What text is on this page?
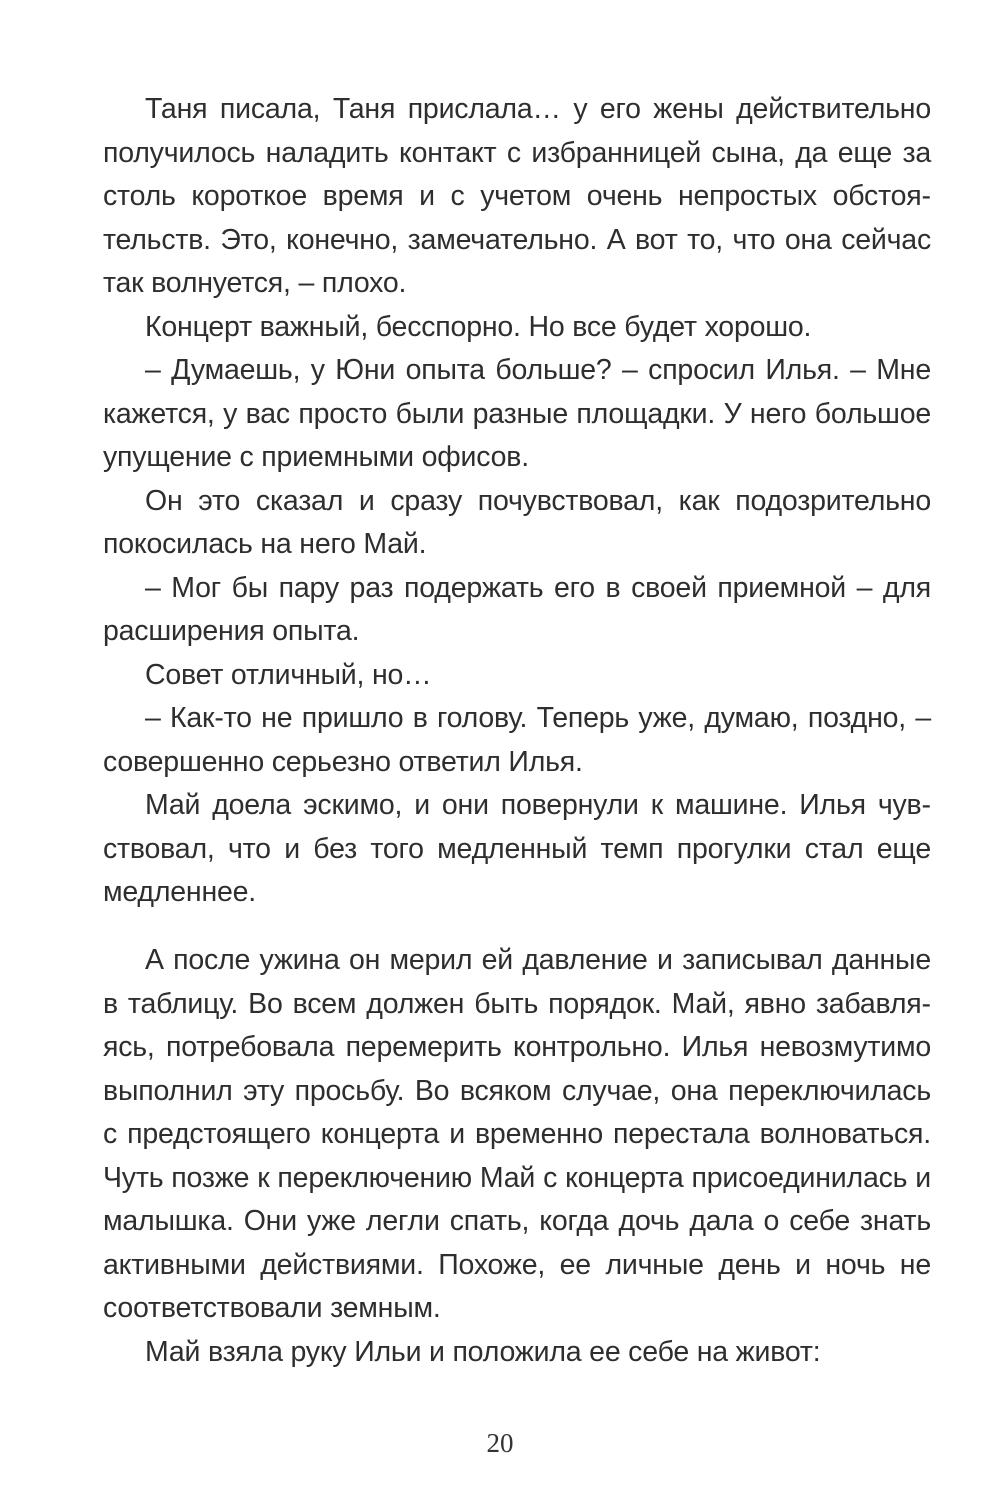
Таня писала, Таня прислала… у его жены действительно получилось наладить контакт с избранницей сына, да еще за столь короткое время и с учетом очень непростых обстоятельств. Это, конечно, замечательно. А вот то, что она сейчас так волнуется, – плохо.

Концерт важный, бесспорно. Но все будет хорошо.

– Думаешь, у Юни опыта больше? – спросил Илья. – Мне кажется, у вас просто были разные площадки. У него большое упущение с приемными офисов.

Он это сказал и сразу почувствовал, как подозрительно покосилась на него Май.

– Мог бы пару раз подержать его в своей приемной – для расширения опыта.

Совет отличный, но…

– Как-то не пришло в голову. Теперь уже, думаю, поздно, – совершенно серьезно ответил Илья.

Май доела эскимо, и они повернули к машине. Илья чувствовал, что и без того медленный темп прогулки стал еще медленнее.

А после ужина он мерил ей давление и записывал данные в таблицу. Во всем должен быть порядок. Май, явно забавляясь, потребовала перемерить контрольно. Илья невозмутимо выполнил эту просьбу. Во всяком случае, она переключилась с предстоящего концерта и временно перестала волноваться. Чуть позже к переключению Май с концерта присоединилась и малышка. Они уже легли спать, когда дочь дала о себе знать активными действиями. Похоже, ее личные день и ночь не соответствовали земным.

Май взяла руку Ильи и положила ее себе на живот:

20
